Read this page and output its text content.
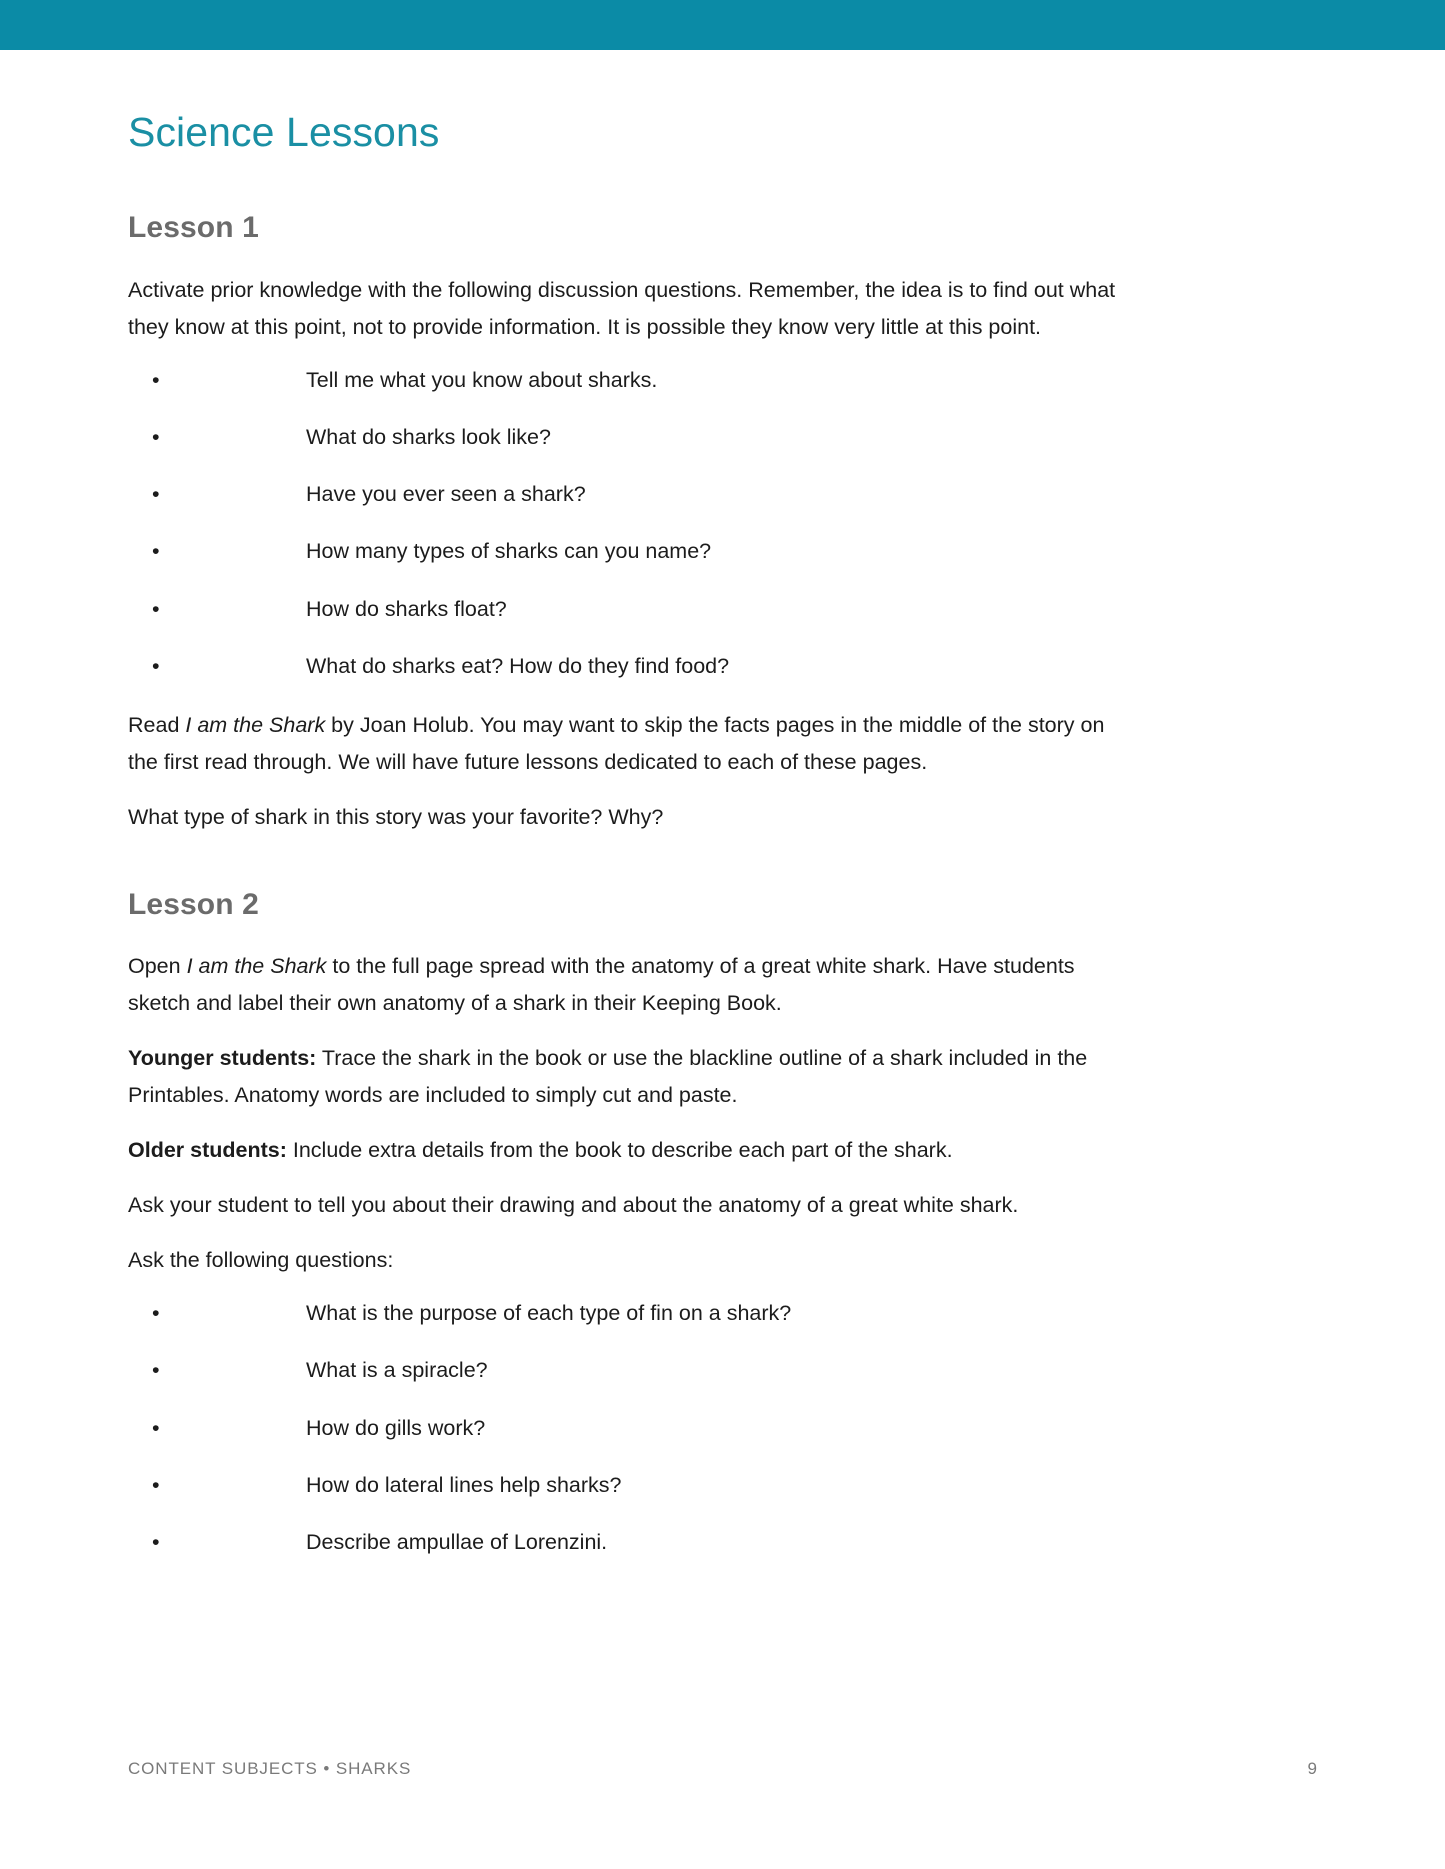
Science Lessons
Lesson 1

Activate prior knowledge with the following discussion questions. Remember, the idea is to find out what they know at this point, not to provide information. It is possible they know very little at this point.

•	Tell me what you know about sharks.
•	What do sharks look like?
•	Have you ever seen a shark?
•	How many types of sharks can you name?
•	How do sharks float?
•	What do sharks eat? How do they find food?

Read I am the Shark by Joan Holub. You may want to skip the facts pages in the middle of the story on the first read through. We will have future lessons dedicated to each of these pages.

What type of shark in this story was your favorite? Why?

Lesson 2

Open I am the Shark to the full page spread with the anatomy of a great white shark. Have students sketch and label their own anatomy of a shark in their Keeping Book.

Younger students: Trace the shark in the book or use the blackline outline of a shark included in the Printables. Anatomy words are included to simply cut and paste.

Older students: Include extra details from the book to describe each part of the shark.

Ask your student to tell you about their drawing and about the anatomy of a great white shark.

Ask the following questions:

•	What is the purpose of each type of fin on a shark?
•	What is a spiracle?
•	How do gills work?
•	How do lateral lines help sharks?
•	Describe ampullae of Lorenzini.
CONTENT SUBJECTS • SHARKS	9
